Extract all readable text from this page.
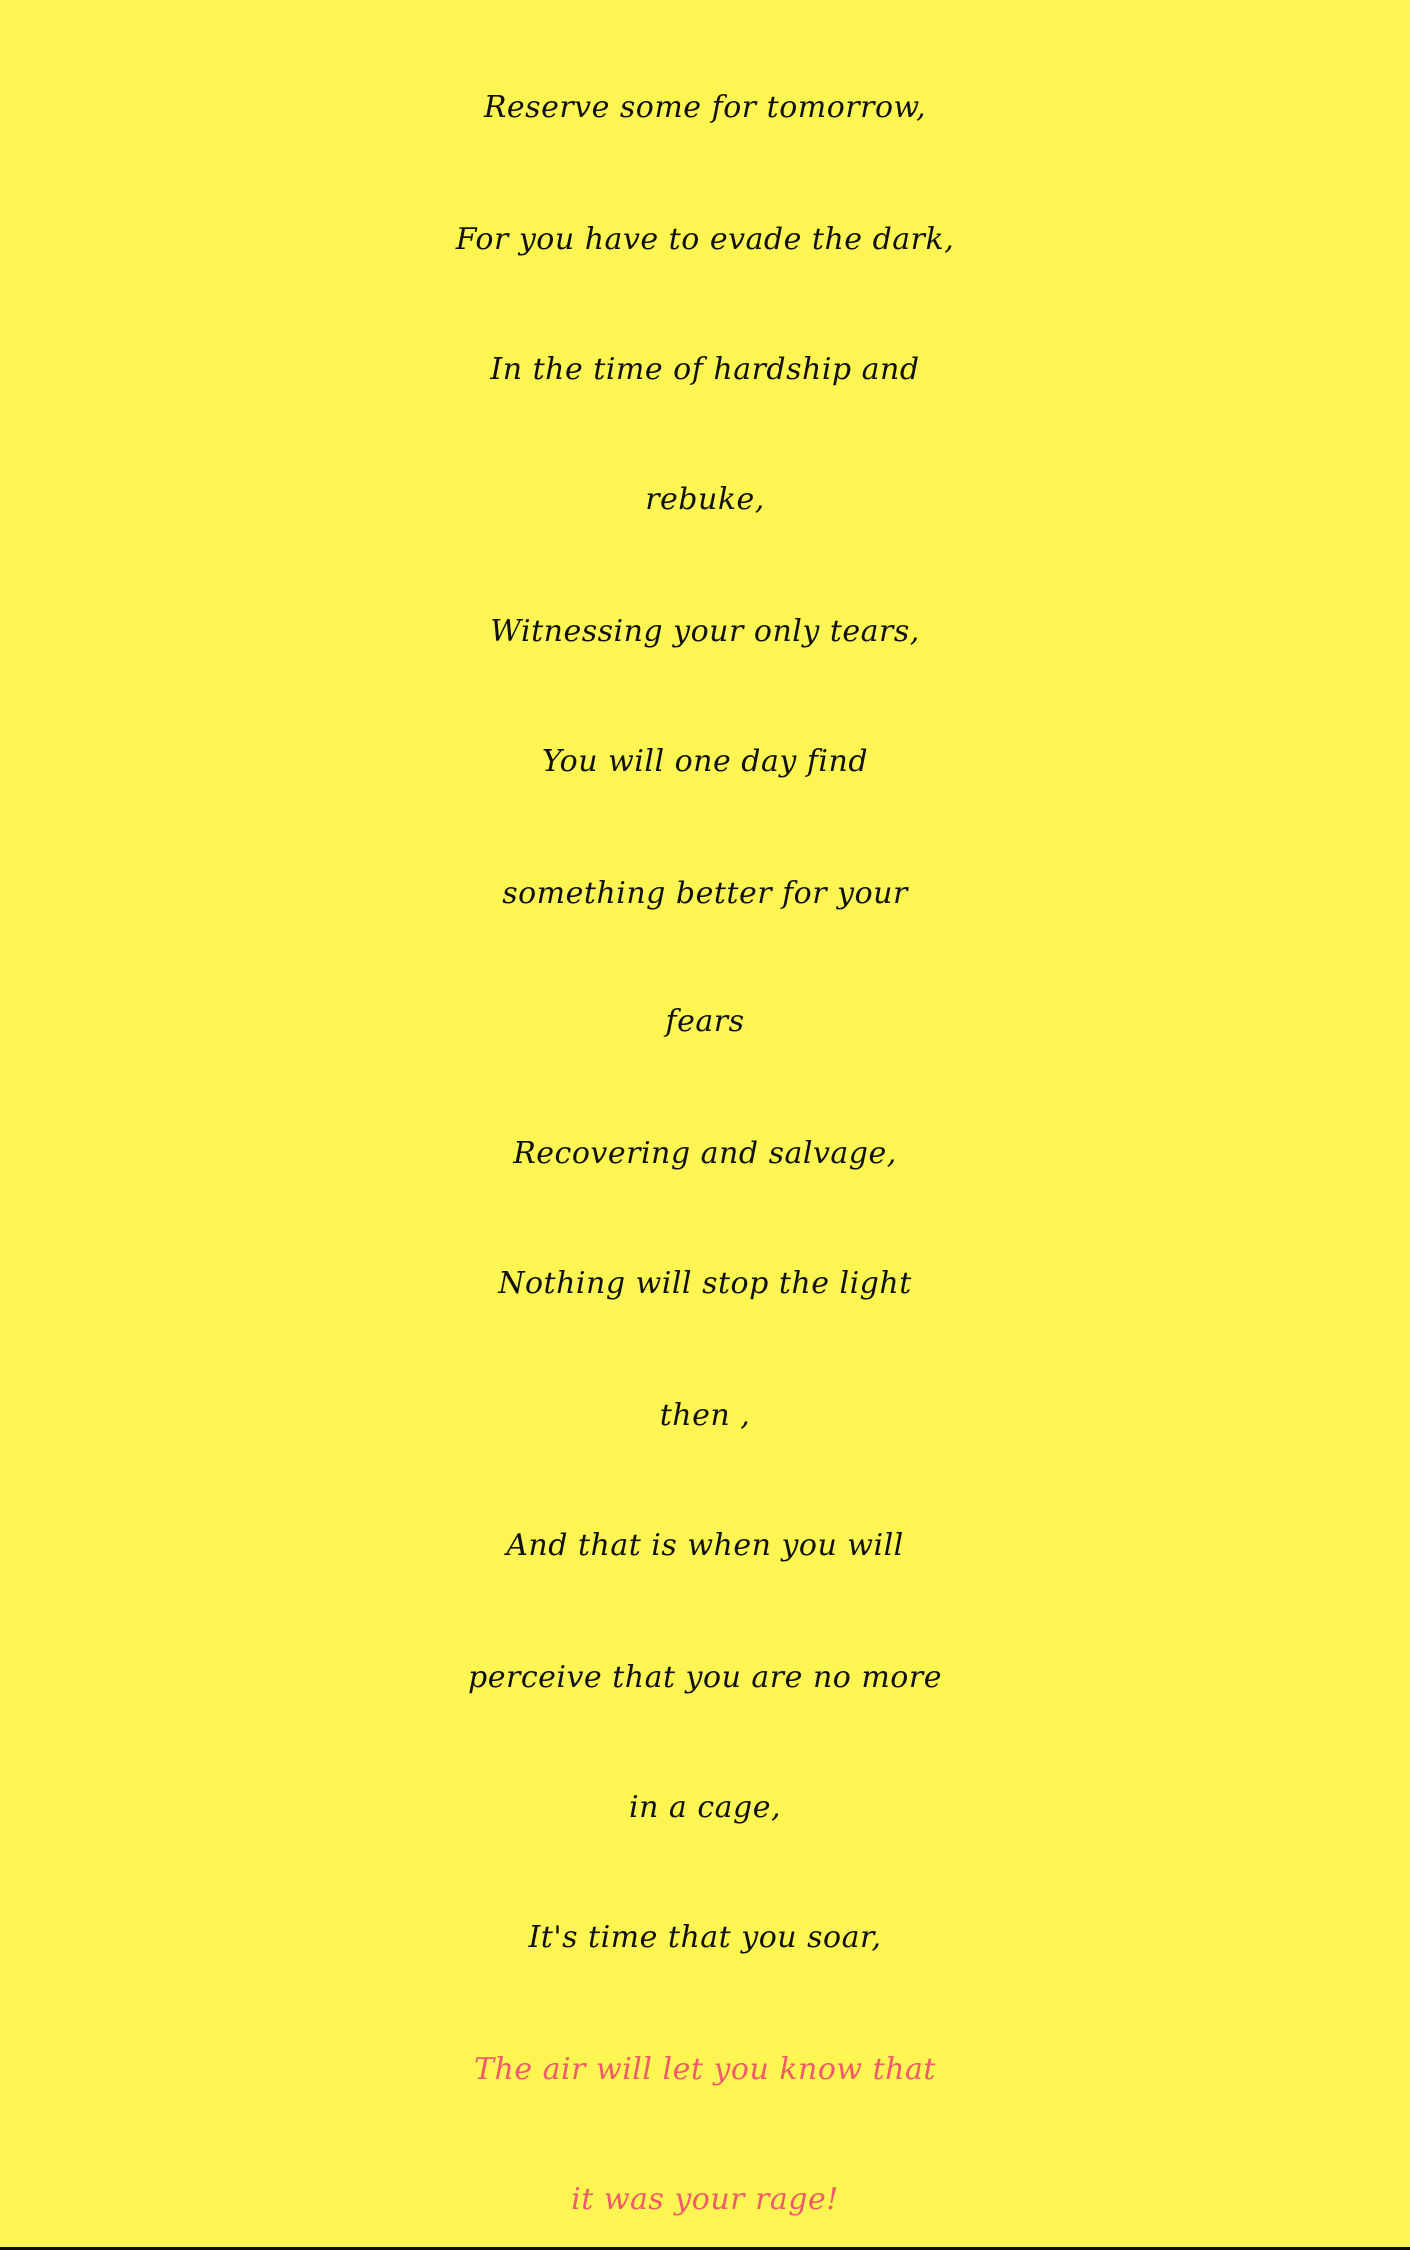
Reserve some for tomorrow,

For you have to evade the dark,

In the time of hardship and

rebuke,

Witnessing your only tears,

You will one day find

something better for your

fears

Recovering and salvage,

Nothing will stop the light

then ,

And that is when you will

perceive that you are no more

in a cage,

It's time that you soar,

The air will let you know that

it was your rage!
